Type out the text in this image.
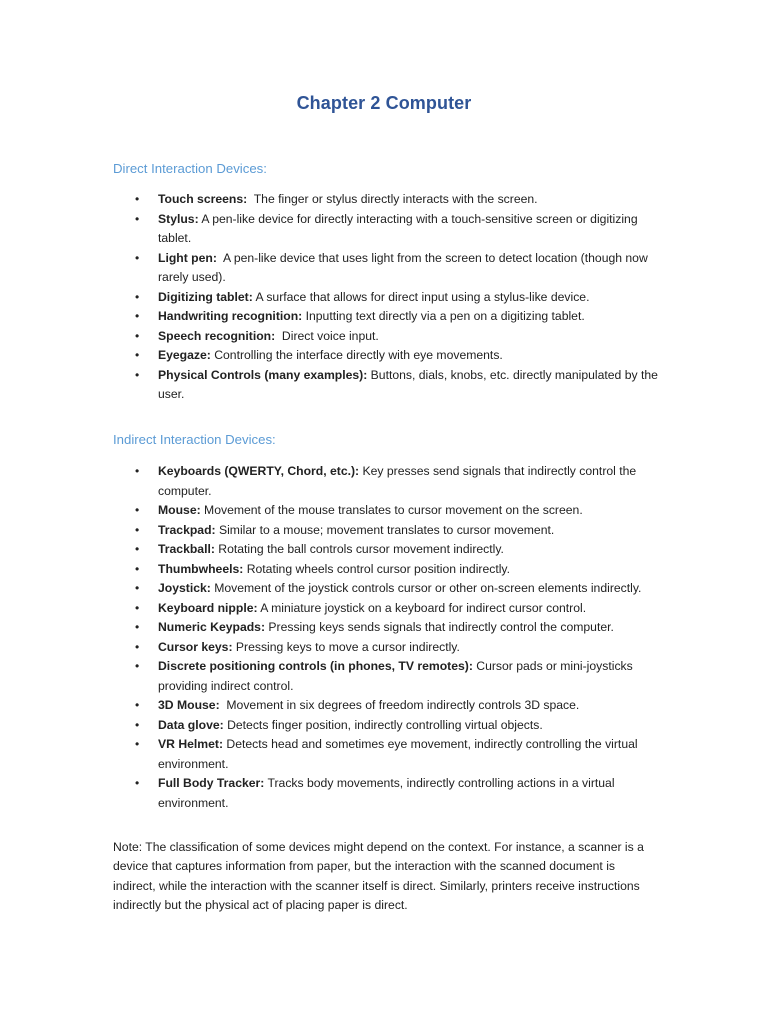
Chapter 2 Computer
Direct Interaction Devices:
• Touch screens:  The finger or stylus directly interacts with the screen.
• Stylus: A pen-like device for directly interacting with a touch-sensitive screen or digitizing tablet.
• Light pen:  A pen-like device that uses light from the screen to detect location (though now rarely used).
• Digitizing tablet: A surface that allows for direct input using a stylus-like device.
• Handwriting recognition: Inputting text directly via a pen on a digitizing tablet.
• Speech recognition:  Direct voice input.
• Eyegaze: Controlling the interface directly with eye movements.
• Physical Controls (many examples): Buttons, dials, knobs, etc. directly manipulated by the user.
Indirect Interaction Devices:
• Keyboards (QWERTY, Chord, etc.): Key presses send signals that indirectly control the computer.
• Mouse: Movement of the mouse translates to cursor movement on the screen.
• Trackpad: Similar to a mouse; movement translates to cursor movement.
• Trackball: Rotating the ball controls cursor movement indirectly.
• Thumbwheels: Rotating wheels control cursor position indirectly.
• Joystick: Movement of the joystick controls cursor or other on-screen elements indirectly.
• Keyboard nipple: A miniature joystick on a keyboard for indirect cursor control.
• Numeric Keypads: Pressing keys sends signals that indirectly control the computer.
• Cursor keys: Pressing keys to move a cursor indirectly.
• Discrete positioning controls (in phones, TV remotes): Cursor pads or mini-joysticks providing indirect control.
• 3D Mouse:  Movement in six degrees of freedom indirectly controls 3D space.
• Data glove: Detects finger position, indirectly controlling virtual objects.
• VR Helmet: Detects head and sometimes eye movement, indirectly controlling the virtual environment.
• Full Body Tracker: Tracks body movements, indirectly controlling actions in a virtual environment.

Note: The classification of some devices might depend on the context. For instance, a scanner is a device that captures information from paper, but the interaction with the scanned document is indirect, while the interaction with the scanner itself is direct. Similarly, printers receive instructions indirectly but the physical act of placing paper is direct.
